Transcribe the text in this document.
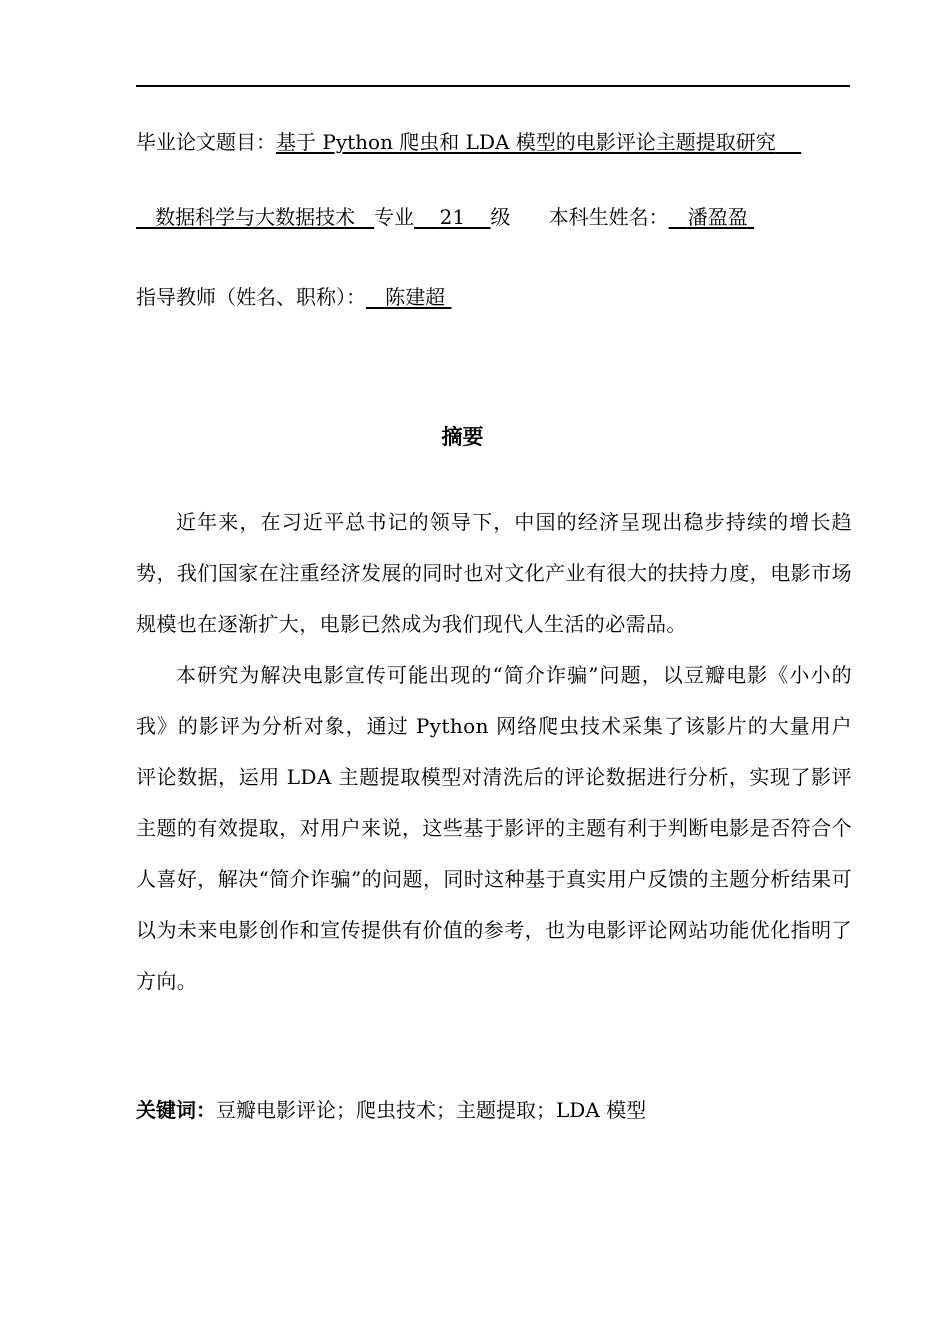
毕业论文题目：基于 Python 爬虫和 LDA 模型的电影评论主题提取研究
数据科学与大数据技术 专业 21 级 本科生姓名： 潘盈盈
指导教师（姓名、职称）： 陈建超
摘要

近年来，在习近平总书记的领导下，中国的经济呈现出稳步持续的增长趋势，我们国家在注重经济发展的同时也对文化产业有很大的扶持力度，电影市场规模也在逐渐扩大，电影已然成为我们现代人生活的必需品。

本研究为解决电影宣传可能出现的“简介诈骗”问题，以豆瓣电影《小小的我》的影评为分析对象，通过 Python 网络爬虫技术采集了该影片的大量用户评论数据，运用 LDA 主题提取模型对清洗后的评论数据进行分析，实现了影评主题的有效提取，对用户来说，这些基于影评的主题有利于判断电影是否符合个人喜好，解决“简介诈骗”的问题，同时这种基于真实用户反馈的主题分析结果可以为未来电影创作和宣传提供有价值的参考，也为电影评论网站功能优化指明了方向。

关键词：豆瓣电影评论；爬虫技术；主题提取；LDA 模型
